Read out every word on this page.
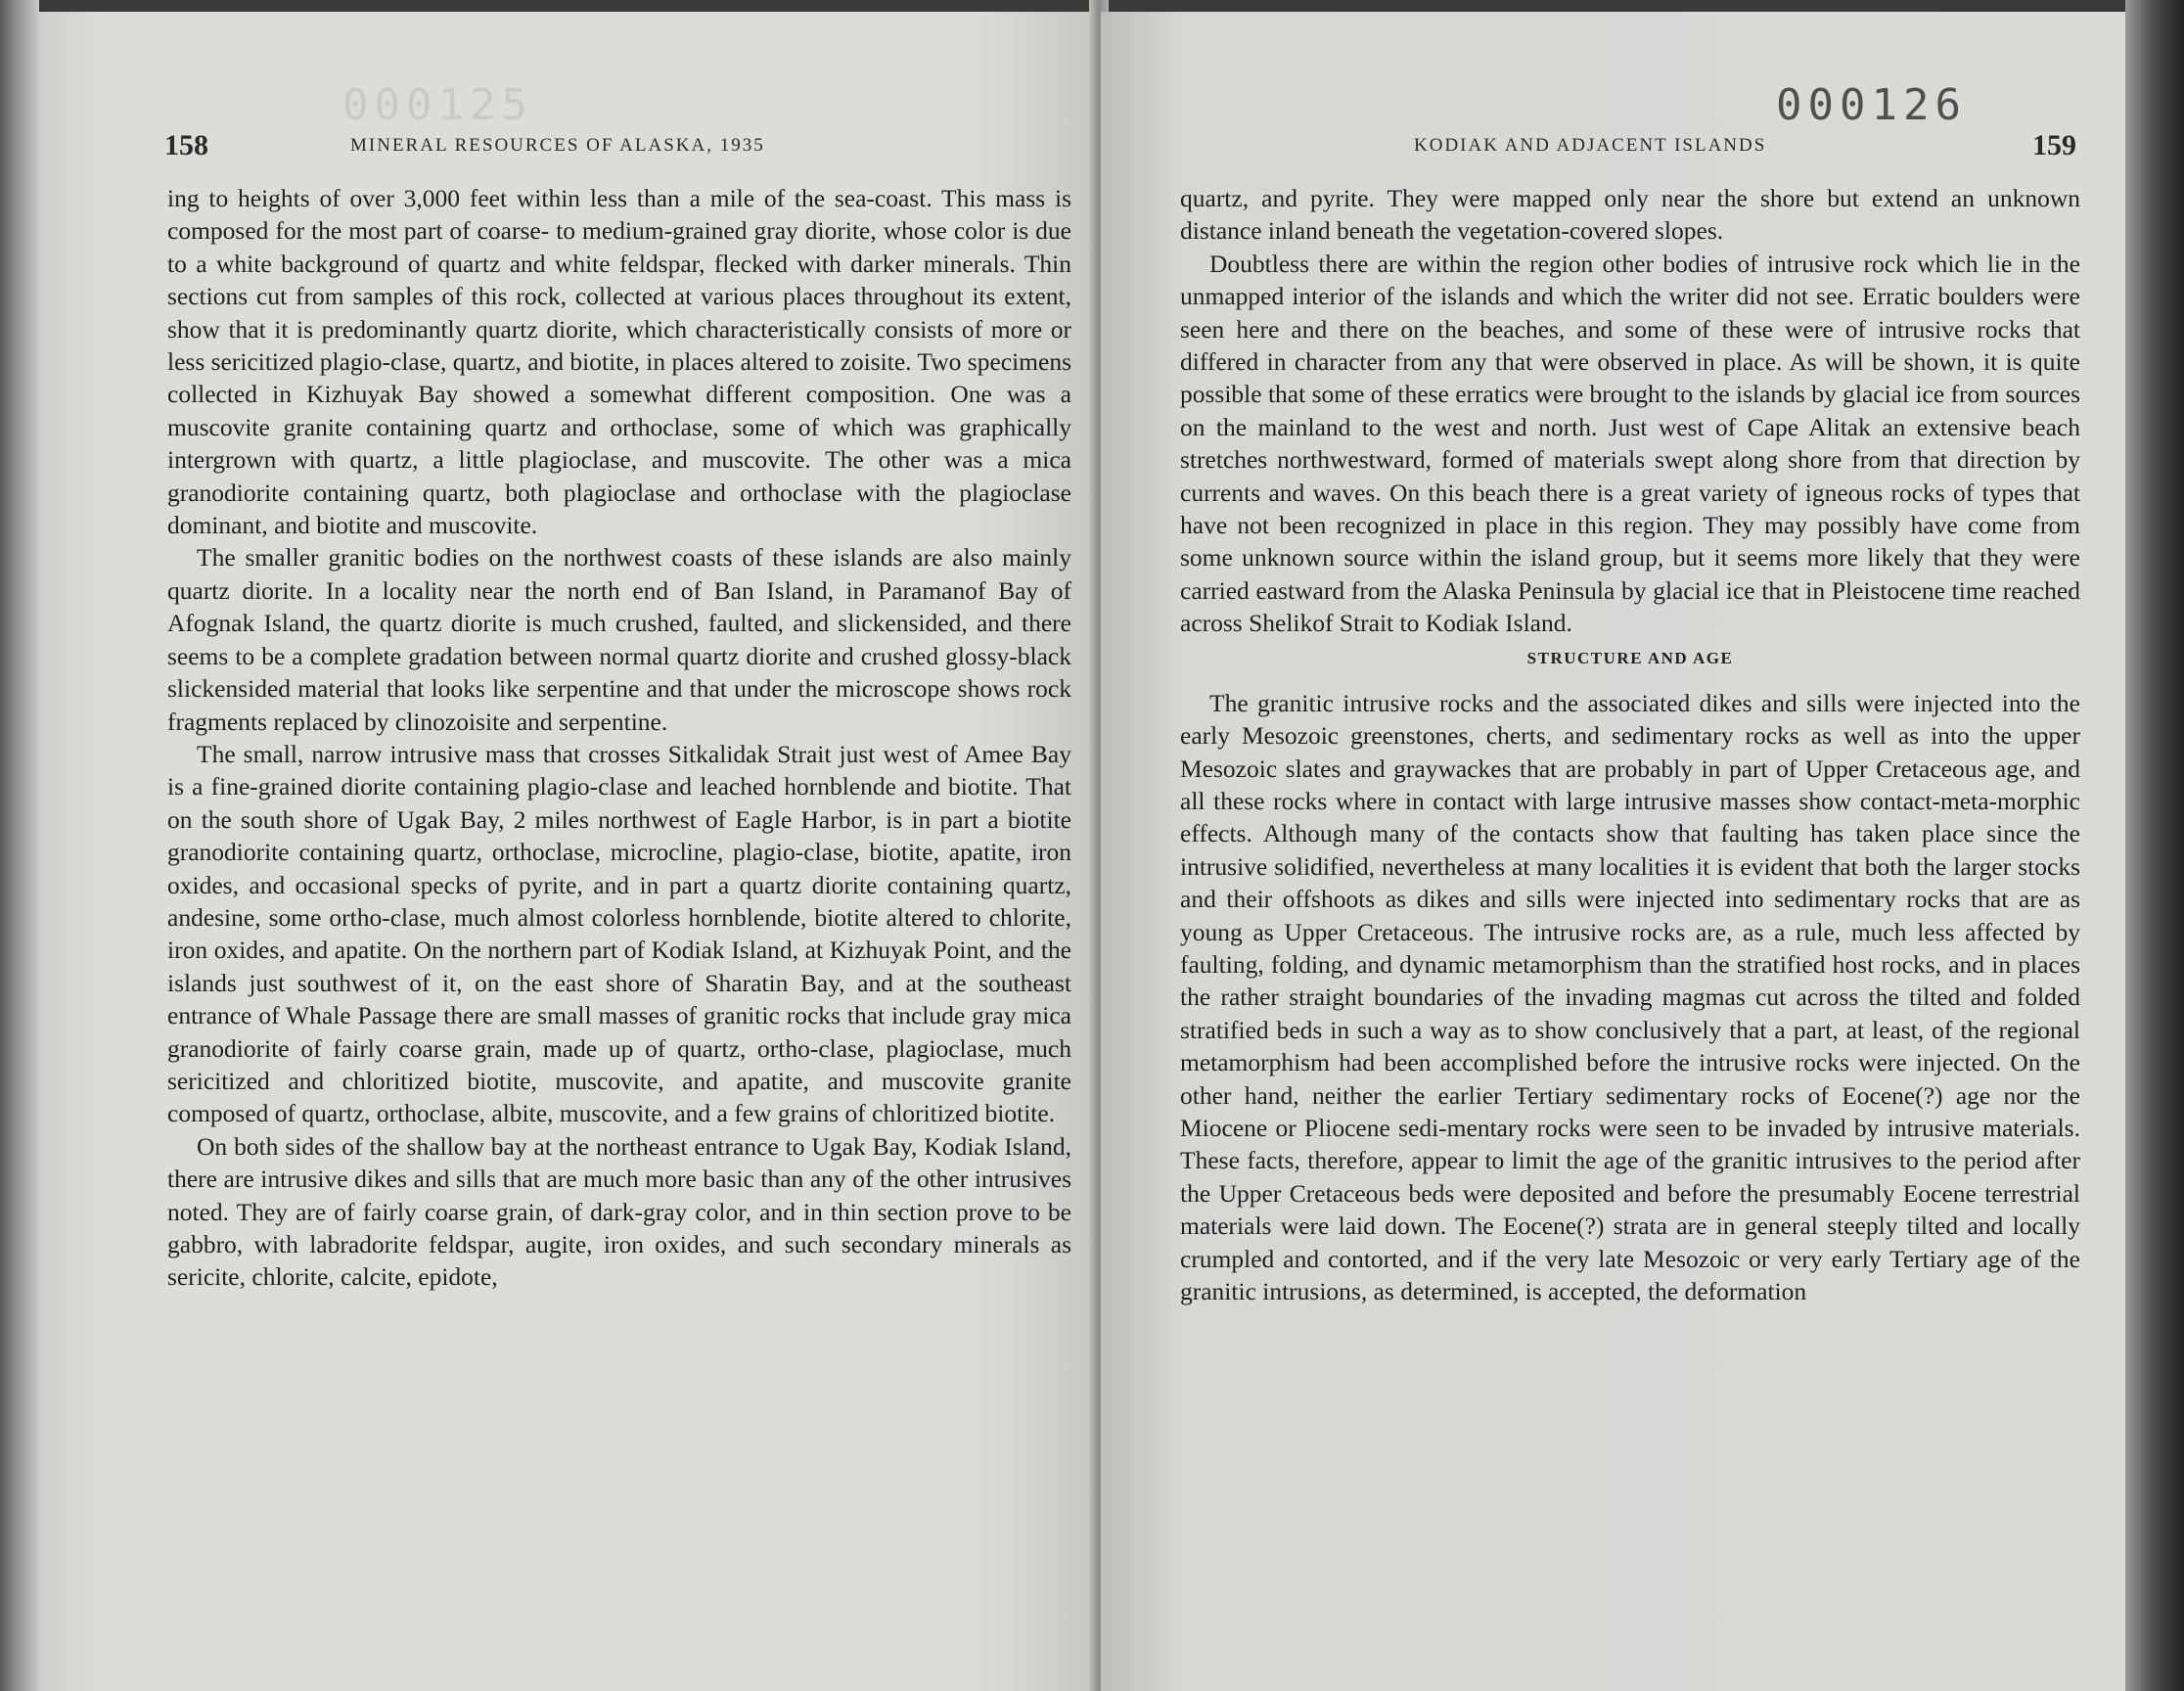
000125
158	MINERAL RESOURCES OF ALASKA, 1935

ing to heights of over 3,000 feet within less than a mile of the sea-coast. This mass is composed for the most part of coarse- to medium-grained gray diorite, whose color is due to a white background of quartz and white feldspar, flecked with darker minerals. Thin sections cut from samples of this rock, collected at various places throughout its extent, show that it is predominantly quartz diorite, which characteristically consists of more or less sericitized plagio-clase, quartz, and biotite, in places altered to zoisite. Two specimens collected in Kizhuyak Bay showed a somewhat different composition. One was a muscovite granite containing quartz and orthoclase, some of which was graphically intergrown with quartz, a little plagioclase, and muscovite. The other was a mica granodiorite containing quartz, both plagioclase and orthoclase with the plagioclase dominant, and biotite and muscovite.

The smaller granitic bodies on the northwest coasts of these islands are also mainly quartz diorite. In a locality near the north end of Ban Island, in Paramanof Bay of Afognak Island, the quartz diorite is much crushed, faulted, and slickensided, and there seems to be a complete gradation between normal quartz diorite and crushed glossy-black slickensided material that looks like serpentine and that under the microscope shows rock fragments replaced by clinozoisite and serpentine.

The small, narrow intrusive mass that crosses Sitkalidak Strait just west of Amee Bay is a fine-grained diorite containing plagio-clase and leached hornblende and biotite. That on the south shore of Ugak Bay, 2 miles northwest of Eagle Harbor, is in part a biotite granodiorite containing quartz, orthoclase, microcline, plagio-clase, biotite, apatite, iron oxides, and occasional specks of pyrite, and in part a quartz diorite containing quartz, andesine, some ortho-clase, much almost colorless hornblende, biotite altered to chlorite, iron oxides, and apatite. On the northern part of Kodiak Island, at Kizhuyak Point, and the islands just southwest of it, on the east shore of Sharatin Bay, and at the southeast entrance of Whale Passage there are small masses of granitic rocks that include gray mica granodiorite of fairly coarse grain, made up of quartz, ortho-clase, plagioclase, much sericitized and chloritized biotite, muscovite, and apatite, and muscovite granite composed of quartz, orthoclase, albite, muscovite, and a few grains of chloritized biotite.

On both sides of the shallow bay at the northeast entrance to Ugak Bay, Kodiak Island, there are intrusive dikes and sills that are much more basic than any of the other intrusives noted. They are of fairly coarse grain, of dark-gray color, and in thin section prove to be gabbro, with labradorite feldspar, augite, iron oxides, and such secondary minerals as sericite, chlorite, calcite, epidote,

000126
KODIAK AND ADJACENT ISLANDS	159

quartz, and pyrite. They were mapped only near the shore but extend an unknown distance inland beneath the vegetation-covered slopes.

Doubtless there are within the region other bodies of intrusive rock which lie in the unmapped interior of the islands and which the writer did not see. Erratic boulders were seen here and there on the beaches, and some of these were of intrusive rocks that differed in character from any that were observed in place. As will be shown, it is quite possible that some of these erratics were brought to the islands by glacial ice from sources on the mainland to the west and north. Just west of Cape Alitak an extensive beach stretches northwestward, formed of materials swept along shore from that direction by currents and waves. On this beach there is a great variety of igneous rocks of types that have not been recognized in place in this region. They may possibly have come from some unknown source within the island group, but it seems more likely that they were carried eastward from the Alaska Peninsula by glacial ice that in Pleistocene time reached across Shelikof Strait to Kodiak Island.

STRUCTURE AND AGE

The granitic intrusive rocks and the associated dikes and sills were injected into the early Mesozoic greenstones, cherts, and sedimentary rocks as well as into the upper Mesozoic slates and graywackes that are probably in part of Upper Cretaceous age, and all these rocks where in contact with large intrusive masses show contact-meta-morphic effects. Although many of the contacts show that faulting has taken place since the intrusive solidified, nevertheless at many localities it is evident that both the larger stocks and their offshoots as dikes and sills were injected into sedimentary rocks that are as young as Upper Cretaceous. The intrusive rocks are, as a rule, much less affected by faulting, folding, and dynamic metamorphism than the stratified host rocks, and in places the rather straight boundaries of the invading magmas cut across the tilted and folded stratified beds in such a way as to show conclusively that a part, at least, of the regional metamorphism had been accomplished before the intrusive rocks were injected. On the other hand, neither the earlier Tertiary sedimentary rocks of Eocene(?) age nor the Miocene or Pliocene sedi-mentary rocks were seen to be invaded by intrusive materials. These facts, therefore, appear to limit the age of the granitic intrusives to the period after the Upper Cretaceous beds were deposited and before the presumably Eocene terrestrial materials were laid down. The Eocene(?) strata are in general steeply tilted and locally crumpled and contorted, and if the very late Mesozoic or very early Tertiary age of the granitic intrusions, as determined, is accepted, the deformation
